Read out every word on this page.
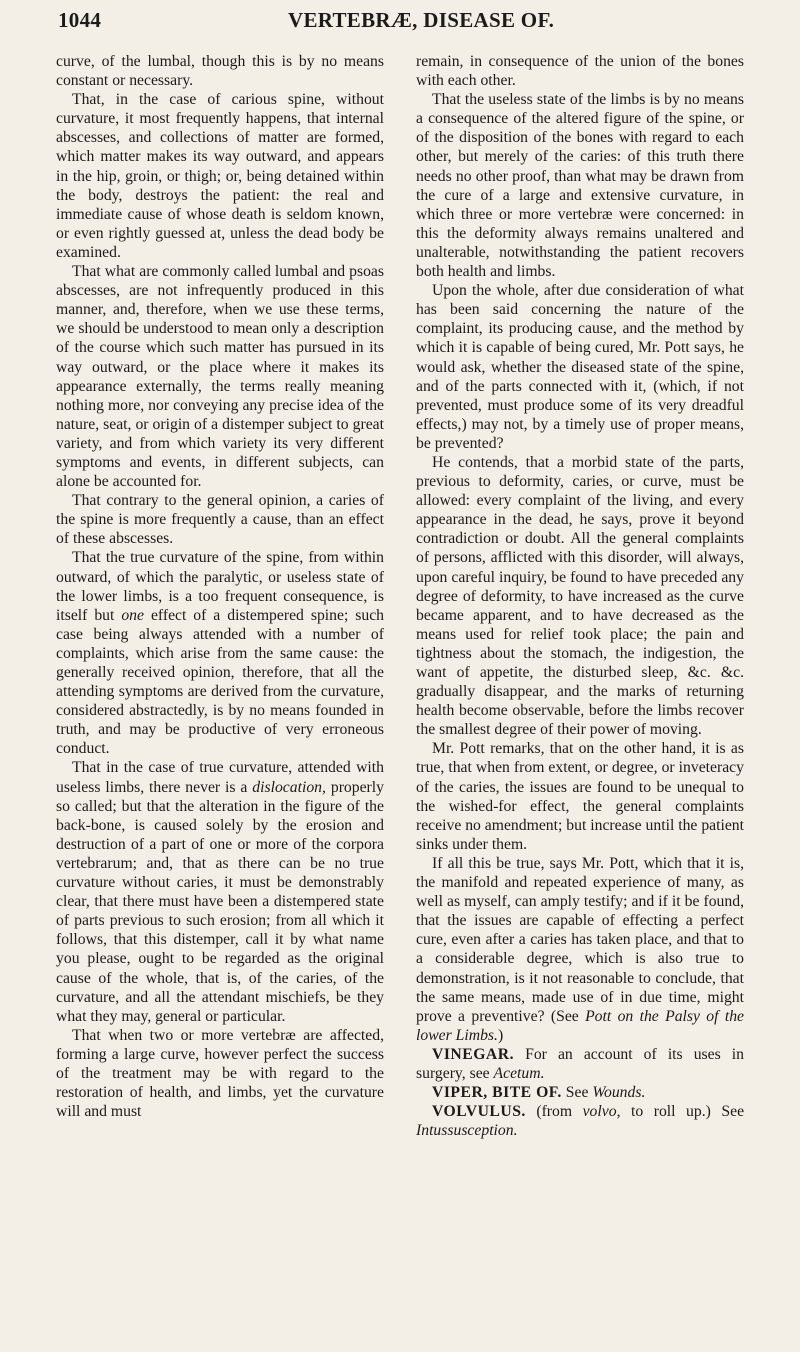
1044	VERTEBRÆ, DISEASE OF.

curve, of the lumbal, though this is by no means constant or necessary.

That, in the case of carious spine, without curvature, it most frequently happens, that internal abscesses, and collections of matter are formed, which matter makes its way outward, and appears in the hip, groin, or thigh; or, being detained within the body, destroys the patient: the real and immediate cause of whose death is seldom known, or even rightly guessed at, unless the dead body be examined.

That what are commonly called lumbal and psoas abscesses, are not infrequently produced in this manner, and, therefore, when we use these terms, we should be understood to mean only a description of the course which such matter has pursued in its way outward, or the place where it makes its appearance externally, the terms really meaning nothing more, nor conveying any precise idea of the nature, seat, or origin of a distemper subject to great variety, and from which variety its very different symptoms and events, in different subjects, can alone be accounted for.

That contrary to the general opinion, a caries of the spine is more frequently a cause, than an effect of these abscesses.

That the true curvature of the spine, from within outward, of which the paralytic, or useless state of the lower limbs, is a too frequent consequence, is itself but one effect of a distempered spine; such case being always attended with a number of complaints, which arise from the same cause: the generally received opinion, therefore, that all the attending symptoms are derived from the curvature, considered abstractedly, is by no means founded in truth, and may be productive of very erroneous conduct.

That in the case of true curvature, attended with useless limbs, there never is a dislocation, properly so called; but that the alteration in the figure of the back-bone, is caused solely by the erosion and destruction of a part of one or more of the corpora vertebrarum; and, that as there can be no true curvature without caries, it must be demonstrably clear, that there must have been a distempered state of parts previous to such erosion; from all which it follows, that this distemper, call it by what name you please, ought to be regarded as the original cause of the whole, that is, of the caries, of the curvature, and all the attendant mischiefs, be they what they may, general or particular.

That when two or more vertebræ are affected, forming a large curve, however perfect the success of the treatment may be with regard to the restoration of health, and limbs, yet the curvature will and must

remain, in consequence of the union of the bones with each other.

That the useless state of the limbs is by no means a consequence of the altered figure of the spine, or of the disposition of the bones with regard to each other, but merely of the caries: of this truth there needs no other proof, than what may be drawn from the cure of a large and extensive curvature, in which three or more vertebræ were concerned: in this the deformity always remains unaltered and unalterable, notwithstanding the patient recovers both health and limbs.

Upon the whole, after due consideration of what has been said concerning the nature of the complaint, its producing cause, and the method by which it is capable of being cured, Mr. Pott says, he would ask, whether the diseased state of the spine, and of the parts connected with it, (which, if not prevented, must produce some of its very dreadful effects,) may not, by a timely use of proper means, be prevented?

He contends, that a morbid state of the parts, previous to deformity, caries, or curve, must be allowed: every complaint of the living, and every appearance in the dead, he says, prove it beyond contradiction or doubt. All the general complaints of persons, afflicted with this disorder, will always, upon careful inquiry, be found to have preceded any degree of deformity, to have increased as the curve became apparent, and to have decreased as the means used for relief took place; the pain and tightness about the stomach, the indigestion, the want of appetite, the disturbed sleep, &c. &c. gradually disappear, and the marks of returning health become observable, before the limbs recover the smallest degree of their power of moving.

Mr. Pott remarks, that on the other hand, it is as true, that when from extent, or degree, or inveteracy of the caries, the issues are found to be unequal to the wished-for effect, the general complaints receive no amendment; but increase until the patient sinks under them.

If all this be true, says Mr. Pott, which that it is, the manifold and repeated experience of many, as well as myself, can amply testify; and if it be found, that the issues are capable of effecting a perfect cure, even after a caries has taken place, and that to a considerable degree, which is also true to demonstration, is it not reasonable to conclude, that the same means, made use of in due time, might prove a preventive? (See Pott on the Palsy of the lower Limbs.)

VINEGAR. For an account of its uses in surgery, see Acetum.

VIPER, BITE OF. See Wounds.

VOLVULUS. (from volvo, to roll up.) See Intussusception.
